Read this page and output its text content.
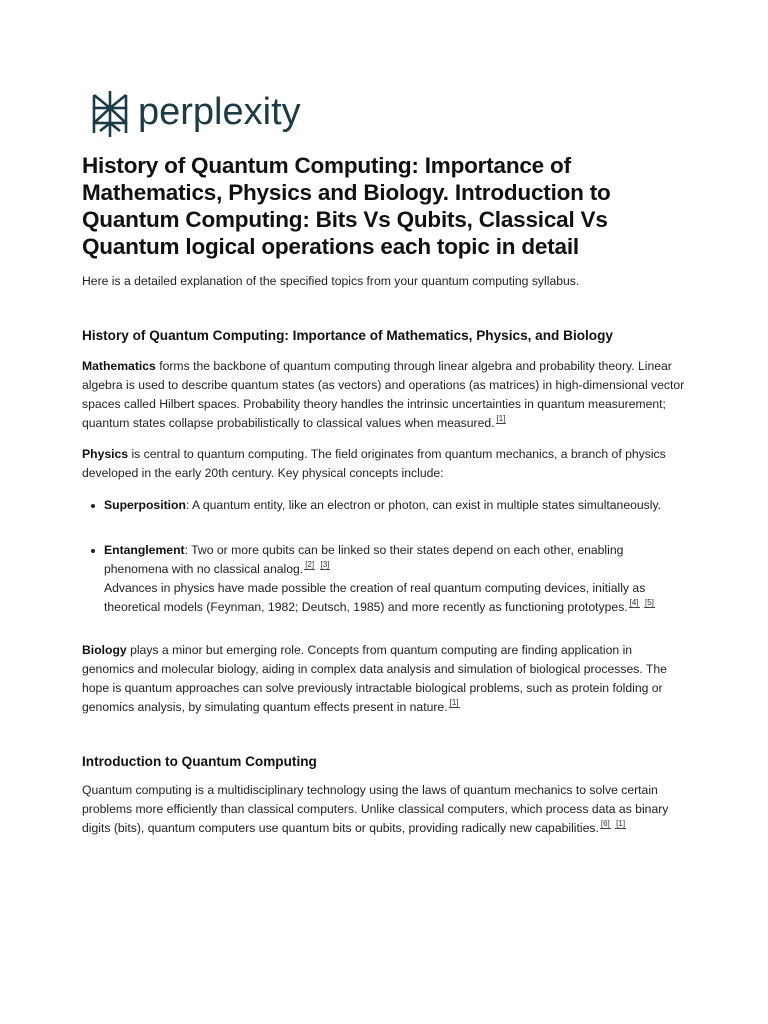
perplexity
History of Quantum Computing: Importance of Mathematics, Physics and Biology. Introduction to Quantum Computing: Bits Vs Qubits, Classical Vs Quantum logical operations each topic in detail

Here is a detailed explanation of the specified topics from your quantum computing syllabus.

History of Quantum Computing: Importance of Mathematics, Physics, and Biology

Mathematics forms the backbone of quantum computing through linear algebra and probability theory. Linear algebra is used to describe quantum states (as vectors) and operations (as matrices) in high-dimensional vector spaces called Hilbert spaces. Probability theory handles the intrinsic uncertainties in quantum measurement; quantum states collapse probabilistically to classical values when measured. [1]

Physics is central to quantum computing. The field originates from quantum mechanics, a branch of physics developed in the early 20th century. Key physical concepts include:

Superposition: A quantum entity, like an electron or photon, can exist in multiple states simultaneously.
Entanglement: Two or more qubits can be linked so their states depend on each other, enabling phenomena with no classical analog. [2] [3]
Advances in physics have made possible the creation of real quantum computing devices, initially as theoretical models (Feynman, 1982; Deutsch, 1985) and more recently as functioning prototypes. [4] [5]

Biology plays a minor but emerging role. Concepts from quantum computing are finding application in genomics and molecular biology, aiding in complex data analysis and simulation of biological processes. The hope is quantum approaches can solve previously intractable biological problems, such as protein folding or genomics analysis, by simulating quantum effects present in nature. [1]

Introduction to Quantum Computing

Quantum computing is a multidisciplinary technology using the laws of quantum mechanics to solve certain problems more efficiently than classical computers. Unlike classical computers, which process data as binary digits (bits), quantum computers use quantum bits or qubits, providing radically new capabilities. [6] [1]
